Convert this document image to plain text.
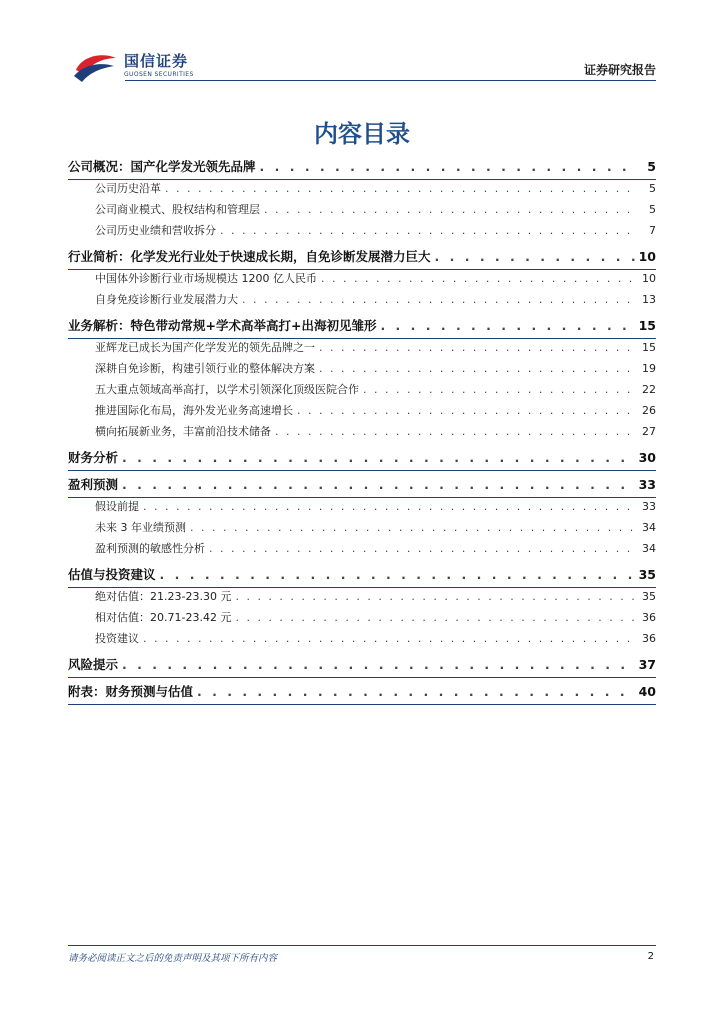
国信证券
GUOSEN SECURITIES	证券研究报告
内容目录
公司概况：国产化学发光领先品牌 . . .	5
公司历史沿革 . . .	5
公司商业模式、股权结构和管理层 . . .	5
公司历史业绩和营收拆分 . . .	7
行业简析：化学发光行业处于快速成长期，自免诊断发展潜力巨大 . . .	10
中国体外诊断行业市场规模达 1200 亿人民币 . . .	10
自身免疫诊断行业发展潜力大 . . .	13
业务解析：特色带动常规+学术高举高打+出海初见雏形 . . .	15
亚辉龙已成长为国产化学发光的领先品牌之一 . . .	15
深耕自免诊断，构建引领行业的整体解决方案 . . .	19
五大重点领域高举高打，以学术引领深化顶级医院合作 . . .	22
推进国际化布局，海外发光业务高速增长 . . .	26
横向拓展新业务，丰富前沿技术储备 . . .	27
财务分析 . . .	30
盈利预测 . . .	33
假设前提 . . .	33
未来 3 年业绩预测 . . .	34
盈利预测的敏感性分析 . . .	34
估值与投资建议 . . .	35
绝对估值：21.23-23.30 元 . . .	35
相对估值：20.71-23.42 元 . . .	36
投资建议 . . .	36
风险提示 . . .	37
附表：财务预测与估值 . . .	40
请务必阅读正文之后的免责声明及其项下所有内容	2
